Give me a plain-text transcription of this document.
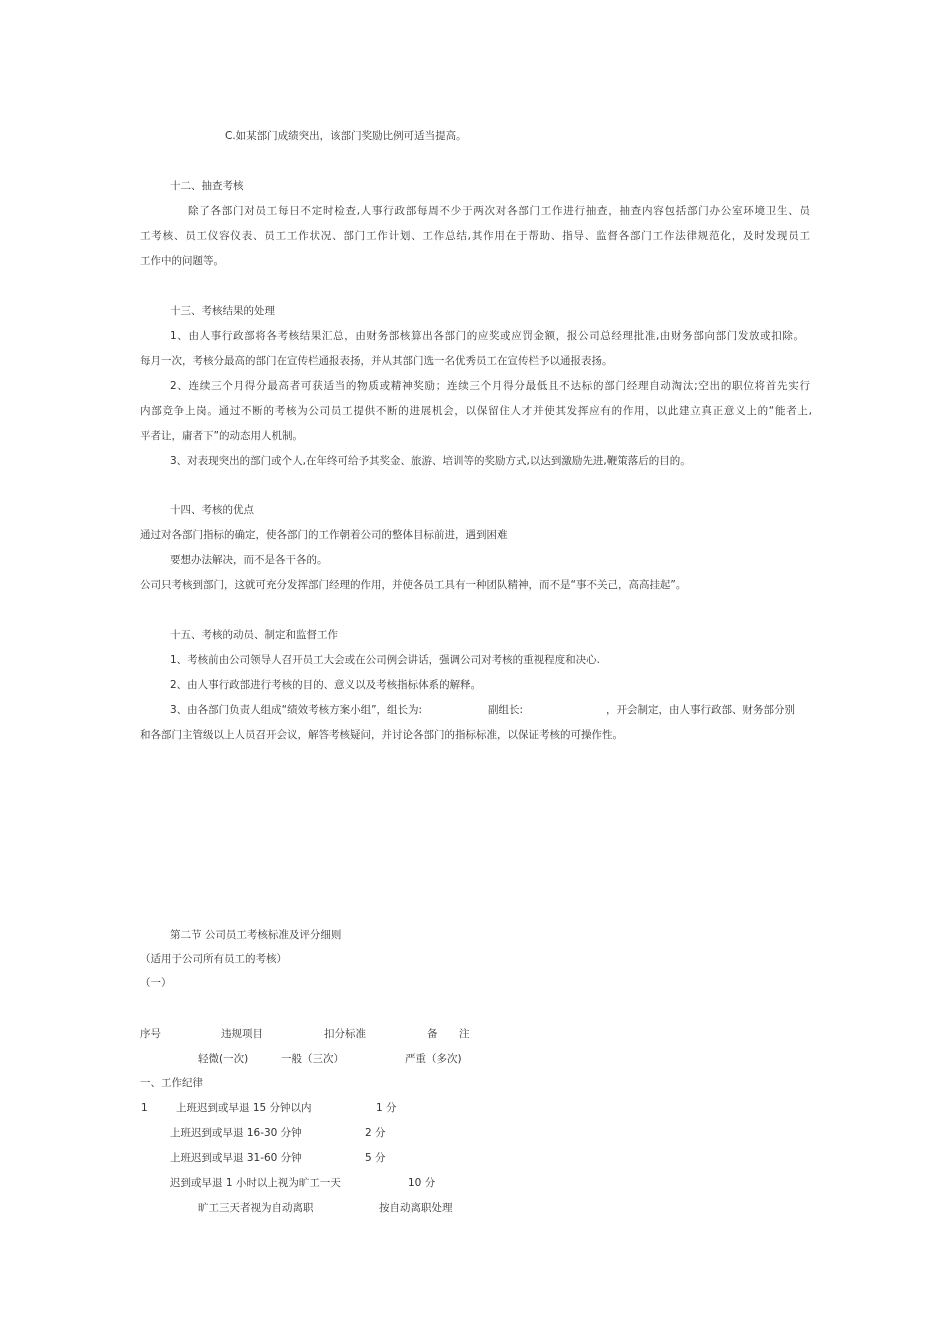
C.如某部门成绩突出，该部门奖励比例可适当提高。
十二、抽查考核
除了各部门对员工每日不定时检查,人事行政部每周不少于两次对各部门工作进行抽查，抽查内容包括部门办公室环境卫生、员
工考核、员工仪容仪表、员工工作状况、部门工作计划、工作总结,其作用在于帮助、指导、监督各部门工作法律规范化，及时发现员工
工作中的问题等。
十三、考核结果的处理
1、由人事行政部将各考核结果汇总，由财务部核算出各部门的应奖或应罚金额，报公司总经理批准,由财务部向部门发放或扣除。
每月一次，考核分最高的部门在宣传栏通报表扬，并从其部门选一名优秀员工在宣传栏予以通报表扬。
2、连续三个月得分最高者可获适当的物质或精神奖励；连续三个月得分最低且不达标的部门经理自动淘汰;空出的职位将首先实行
内部竞争上岗。通过不断的考核为公司员工提供不断的进展机会，以保留住人才并使其发挥应有的作用，以此建立真正意义上的“能者上,
平者让，庸者下”的动态用人机制。
3、对表现突出的部门或个人,在年终可给予其奖金、旅游、培训等的奖励方式,以达到激励先进,鞭策落后的目的。
十四、考核的优点
通过对各部门指标的确定，使各部门的工作朝着公司的整体目标前进，遇到困难
要想办法解决，而不是各干各的。
公司只考核到部门，这就可充分发挥部门经理的作用，并使各员工具有一种团队精神，而不是“事不关己，高高挂起”。
十五、考核的动员、制定和监督工作
1、考核前由公司领导人召开员工大会或在公司例会讲话，强调公司对考核的重视程度和决心.
2、由人事行政部进行考核的目的、意义以及考核指标体系的解释。
3、由各部门负责人组成“绩效考核方案小组”，组长为:	副组长:	，开会制定，由人事行政部、财务部分别
和各部门主管级以上人员召开会议，解答考核疑问，并讨论各部门的指标标准，以保证考核的可操作性。
第二节 公司员工考核标准及评分细则
（适用于公司所有员工的考核）
（一）
序号	违规项目	扣分标准	备 注
轻微(一次)	一般（三次）	严重（多次)
一、工作纪律
1	上班迟到或早退 15 分钟以内	1 分
上班迟到或早退 16-30 分钟	2 分
上班迟到或早退 31-60 分钟	5 分
迟到或早退 1 小时以上视为旷工一天	10 分
旷工三天者视为自动离职	按自动离职处理
